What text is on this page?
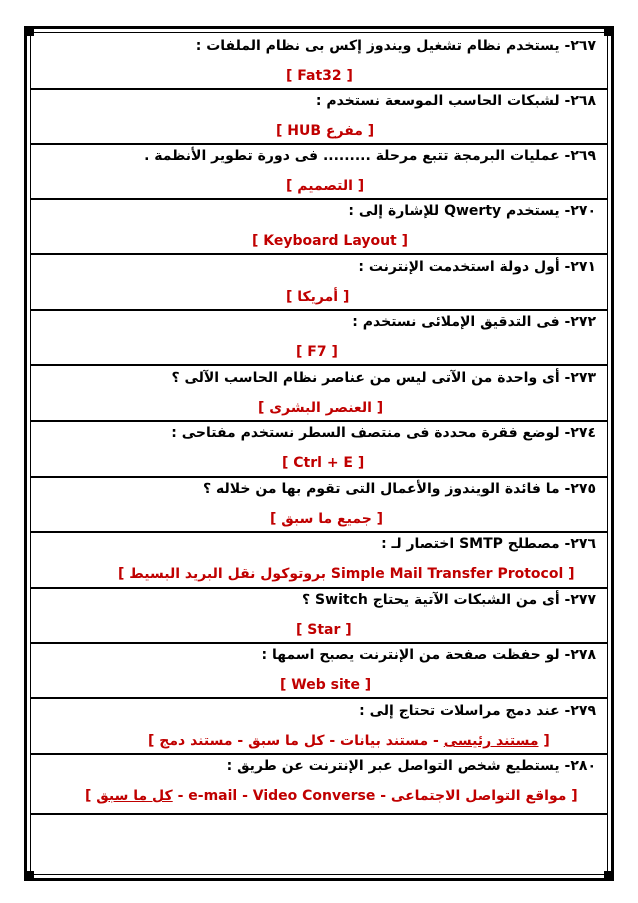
٢٦٧- يستخدم نظام تشغيل ويندوز إكس بى نظام الملفات :
[ Fat32 ]
٢٦٨- لشبكات الحاسب الموسعة نستخدم :
[ مفرع HUB ]
٢٦٩- عمليات البرمجة تتبع مرحلة ......... فى دورة تطوير الأنظمة .
[ التصميم ]
٢٧٠- يستخدم Qwerty للإشارة إلى :
[ Keyboard Layout ]
٢٧١- أول دولة استخدمت الإنترنت :
[ أمريكا ]
٢٧٢- فى التدقيق الإملائى نستخدم :
[ F7 ]
٢٧٣- أى واحدة من الآتى ليس من عناصر نظام الحاسب الآلى ؟
[ العنصر البشرى ]
٢٧٤- لوضع فقرة محددة فى منتصف السطر نستخدم مفتاحى :
[ Ctrl + E ]
٢٧٥- ما فائدة الويندوز والأعمال التى تقوم بها من خلاله ؟
[ جميع ما سبق ]
٢٧٦- مصطلح SMTP اختصار لـ :
[ Simple Mail Transfer Protocol بروتوكول نقل البريد البسيط ]
٢٧٧- أى من الشبكات الآتية يحتاج Switch ؟
[ Star ]
٢٧٨- لو حفظت صفحة من الإنترنت يصبح اسمها :
[ Web site ]
٢٧٩- عند دمج مراسلات تحتاج إلى :
[ مستند رئيسى - مستند بيانات - كل ما سبق - مستند دمج ]
٢٨٠- يستطيع شخص التواصل عبر الإنترنت عن طريق :
[ مواقع التواصل الاجتماعى - e-mail - Video Converse - كل ما سبق ]
